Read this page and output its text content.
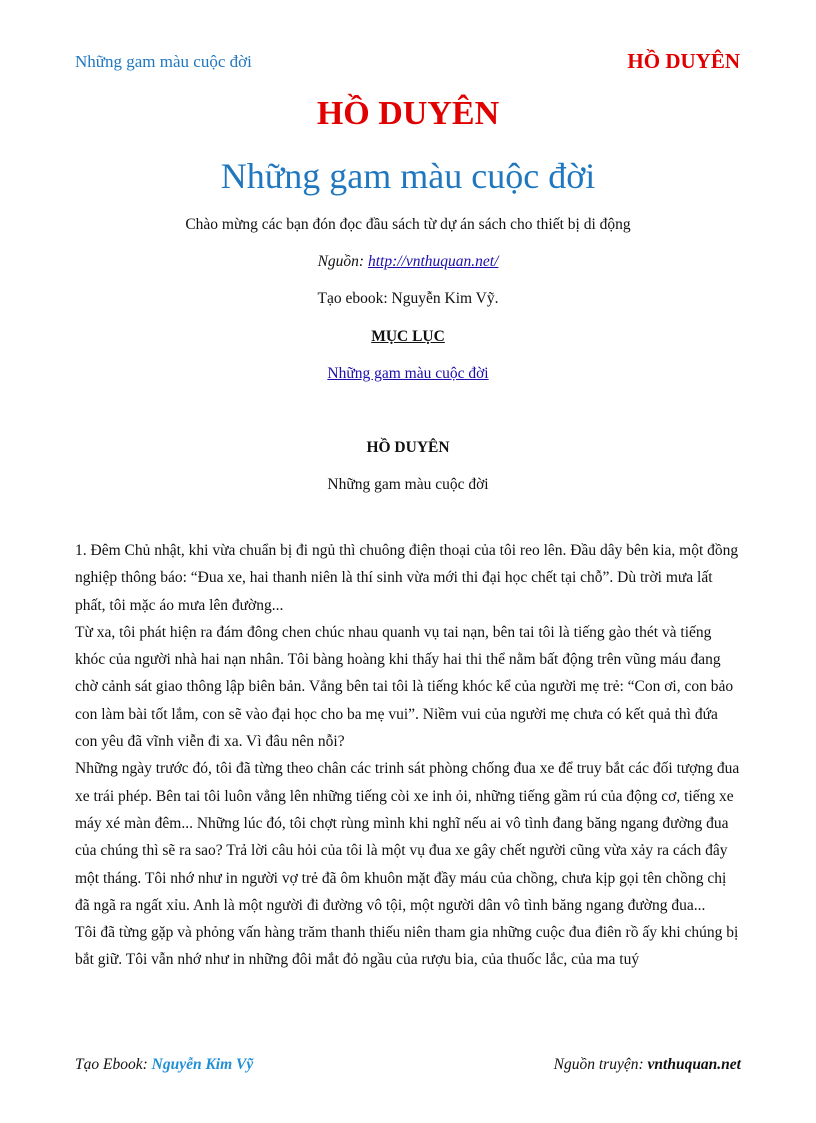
Những gam màu cuộc đời	HỒ DUYÊN
HỒ DUYÊN
Những gam màu cuộc đời
Chào mừng các bạn đón đọc đầu sách từ dự án sách cho thiết bị di động
Nguồn: http://vnthuquan.net/
Tạo ebook: Nguyễn Kim Vỹ.
MỤC LỤC
Những gam màu cuộc đời
HỒ DUYÊN
Những gam màu cuộc đời

1. Đêm Chủ nhật, khi vừa chuẩn bị đi ngủ thì chuông điện thoại của tôi reo lên. Đầu dây bên kia, một đồng nghiệp thông báo: “Đua xe, hai thanh niên là thí sinh vừa mới thi đại học chết tại chỗ”. Dù trời mưa lất phất, tôi mặc áo mưa lên đường...

Từ xa, tôi phát hiện ra đám đông chen chúc nhau quanh vụ tai nạn, bên tai tôi là tiếng gào thét và tiếng khóc của người nhà hai nạn nhân. Tôi bàng hoàng khi thấy hai thi thể nằm bất động trên vũng máu đang chờ cảnh sát giao thông lập biên bản. Vẳng bên tai tôi là tiếng khóc kể của người mẹ trẻ: “Con ơi, con bảo con làm bài tốt lắm, con sẽ vào đại học cho ba mẹ vui”. Niềm vui của người mẹ chưa có kết quả thì đứa con yêu đã vĩnh viễn đi xa. Vì đâu nên nỗi?

Những ngày trước đó, tôi đã từng theo chân các trinh sát phòng chống đua xe để truy bắt các đối tượng đua xe trái phép. Bên tai tôi luôn vẳng lên những tiếng còi xe inh ỏi, những tiếng gầm rú của động cơ, tiếng xe máy xé màn đêm... Những lúc đó, tôi chợt rùng mình khi nghĩ nếu ai vô tình đang băng ngang đường đua của chúng thì sẽ ra sao? Trả lời câu hỏi của tôi là một vụ đua xe gây chết người cũng vừa xảy ra cách đây một tháng. Tôi nhớ như in người vợ trẻ đã ôm khuôn mặt đầy máu của chồng, chưa kịp gọi tên chồng chị đã ngã ra ngất xỉu. Anh là một người đi đường vô tội, một người dân vô tình băng ngang đường đua...

Tôi đã từng gặp và phỏng vấn hàng trăm thanh thiếu niên tham gia những cuộc đua điên rồ ấy khi chúng bị bắt giữ. Tôi vẫn nhớ như in những đôi mắt đỏ ngầu của rượu bia, của thuốc lắc, của ma tuý

Tạo Ebook: Nguyễn Kim Vỹ	Nguồn truyện: vnthuquan.net
